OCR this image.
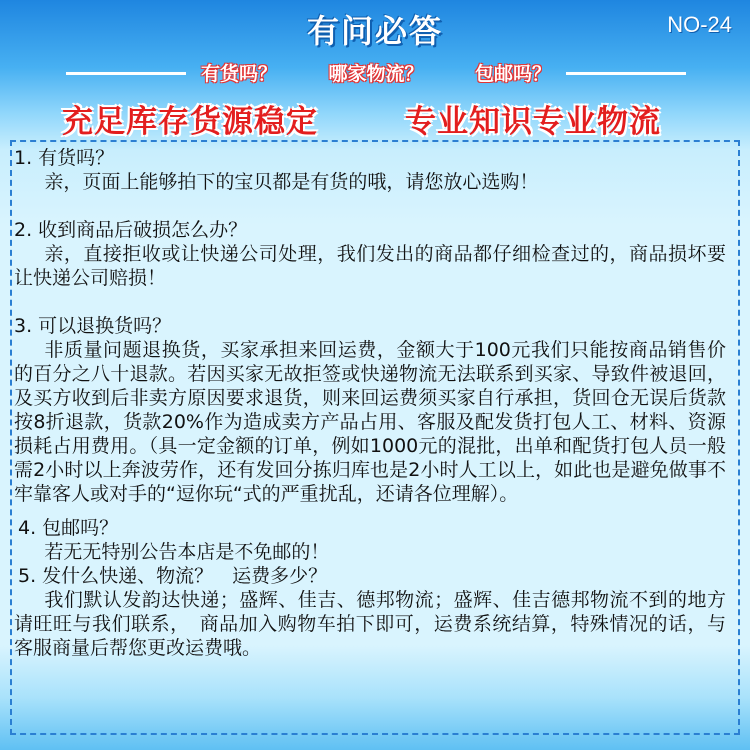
有问必答	NO-24
有货吗？	哪家物流？	包邮吗？
充足库存货源稳定	专业知识专业物流

1. 有货吗？

亲，页面上能够拍下的宝贝都是有货的哦，请您放心选购！

2. 收到商品后破损怎么办？

亲，直接拒收或让快递公司处理，我们发出的商品都仔细检查过的，商品损坏要让快递公司赔损！

3. 可以退换货吗？

非质量问题退换货，买家承担来回运费，金额大于100元我们只能按商品销售价的百分之八十退款。若因买家无故拒签或快递物流无法联系到买家、导致件被退回，及买方收到后非卖方原因要求退货，则来回运费须买家自行承担，货回仓无误后货款按8折退款，货款20%作为造成卖方产品占用、客服及配发货打包人工、材料、资源损耗占用费用。（具一定金额的订单，例如1000元的混批，出单和配货打包人员一般需2小时以上奔波劳作，还有发回分拣归库也是2小时人工以上，如此也是避免做事不牢靠客人或对手的“逗你玩“式的严重扰乱，还请各位理解）。

4. 包邮吗？

若无无特别公告本店是不免邮的！

5. 发什么快递、物流？　运费多少？

我们默认发韵达快递；盛辉、佳吉、德邦物流；盛辉、佳吉德邦物流不到的地方请旺旺与我们联系，　商品加入购物车拍下即可，运费系统结算，特殊情况的话，与客服商量后帮您更改运费哦。
